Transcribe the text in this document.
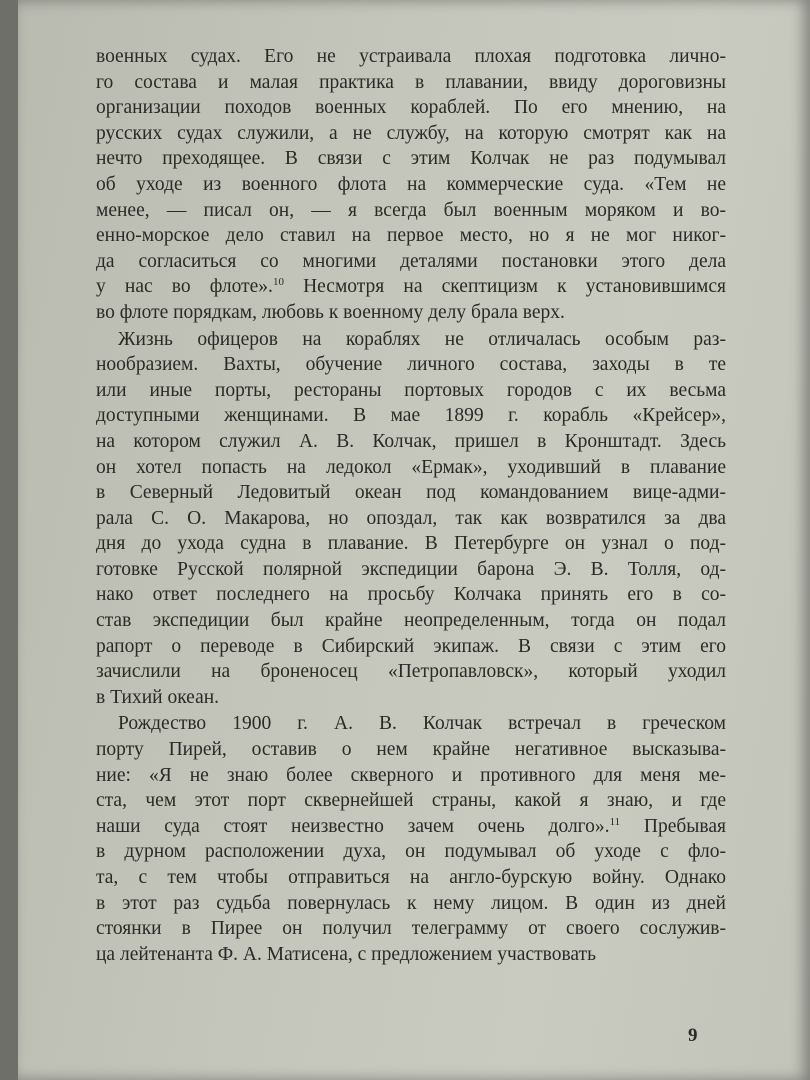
военных судах. Его не устраивала плохая подготовка лично-
го состава и малая практика в плавании, ввиду дороговизны
организации походов военных кораблей. По его мнению, на
русских судах служили, а не службу, на которую смотрят как на
нечто преходящее. В связи с этим Колчак не раз подумывал
об уходе из военного флота на коммерческие суда. «Тем не
менее, — писал он, — я всегда был военным моряком и во-
енно-морское дело ставил на первое место, но я не мог никог-
да согласиться со многими деталями постановки этого дела
у нас во флоте».$^{10}$ Несмотря на скептицизм к установившимся
во флоте порядкам, любовь к военному делу брала верх.
Жизнь офицеров на кораблях не отличалась особым раз-
нообразием. Вахты, обучение личного состава, заходы в те
или иные порты, рестораны портовых городов с их весьма
доступными женщинами. В мае 1899 г. корабль «Крейсер»,
на котором служил А. В. Колчак, пришел в Кронштадт. Здесь
он хотел попасть на ледокол «Ермак», уходивший в плавание
в Северный Ледовитый океан под командованием вице-адми-
рала С. О. Макарова, но опоздал, так как возвратился за два
дня до ухода судна в плавание. В Петербурге он узнал о под-
готовке Русской полярной экспедиции барона Э. В. Толля, од-
нако ответ последнего на просьбу Колчака принять его в со-
став экспедиции был крайне неопределенным, тогда он подал
рапорт о переводе в Сибирский экипаж. В связи с этим его
зачислили на броненосец «Петропавловск», который уходил
в Тихий океан.
Рождество 1900 г. А. В. Колчак встречал в греческом
порту Пирей, оставив о нем крайне негативное высказыва-
ние: «Я не знаю более скверного и противного для меня ме-
ста, чем этот порт сквернейшей страны, какой я знаю, и где
наши суда стоят неизвестно зачем очень долго».$^{11}$ Пребывая
в дурном расположении духа, он подумывал об уходе с фло-
та, с тем чтобы отправиться на англо-бурскую войну. Однако
в этот раз судьба повернулась к нему лицом. В один из дней
стоянки в Пирее он получил телеграмму от своего сослужив-
ца лейтенанта Ф. А. Матисена, с предложением участвовать
9
